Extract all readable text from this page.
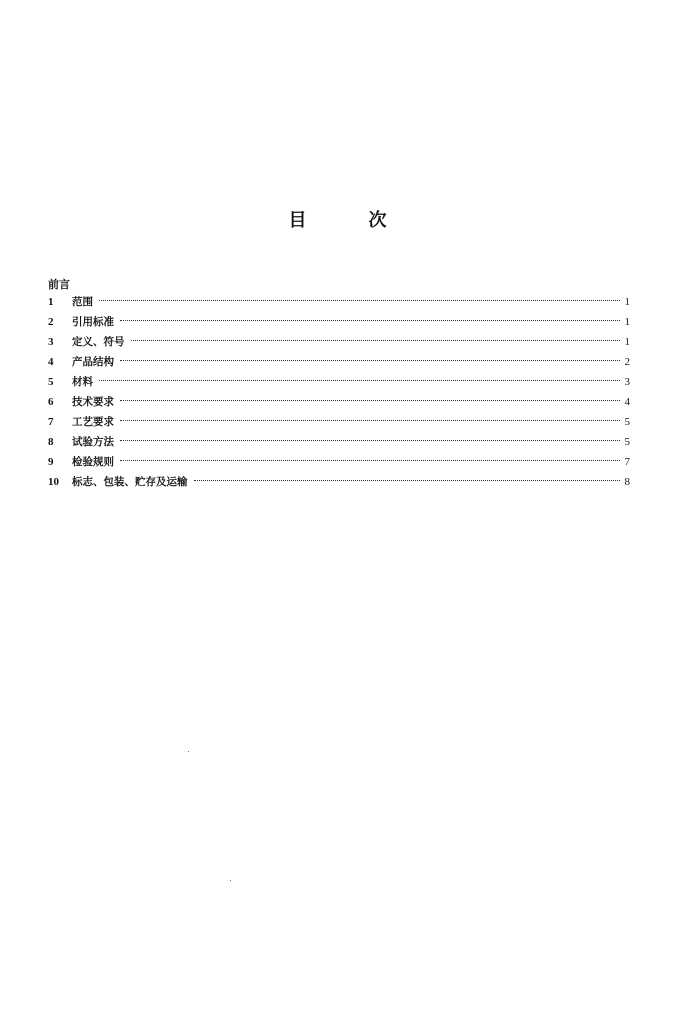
目	次
前言
1	范围	1
2	引用标准	1
3	定义、符号	1
4	产品结构	2
5	材料	3
6	技术要求	4
7	工艺要求	5
8	试验方法	5
9	检验规则	7
10	标志、包装、贮存及运输	8
